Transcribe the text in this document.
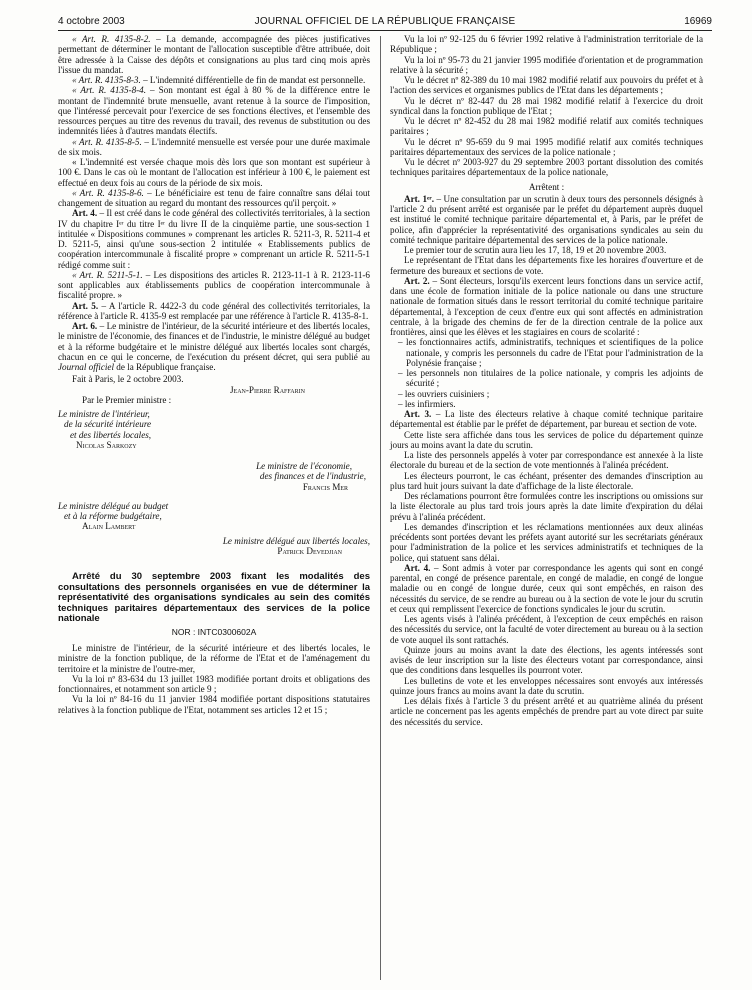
4 octobre 2003	JOURNAL OFFICIEL DE LA RÉPUBLIQUE FRANÇAISE	16969

« Art. R. 4135-8-2. – La demande, accompagnée des pièces justificatives permettant de déterminer le montant de l'allocation susceptible d'être attribuée, doit être adressée à la Caisse des dépôts et consignations au plus tard cinq mois après l'issue du mandat.

« Art. R. 4135-8-3. – L'indemnité différentielle de fin de mandat est personnelle.

« Art. R. 4135-8-4. – Son montant est égal à 80 % de la différence entre le montant de l'indemnité brute mensuelle, avant retenue à la source de l'imposition, que l'intéressé percevait pour l'exercice de ses fonctions électives, et l'ensemble des ressources perçues au titre des revenus du travail, des revenus de substitution ou des indemnités liées à d'autres mandats électifs.

« Art. R. 4135-8-5. – L'indemnité mensuelle est versée pour une durée maximale de six mois.

« L'indemnité est versée chaque mois dès lors que son montant est supérieur à 100 €. Dans le cas où le montant de l'allocation est inférieur à 100 €, le paiement est effectué en deux fois au cours de la période de six mois.

« Art. R. 4135-8-6. – Le bénéficiaire est tenu de faire connaître sans délai tout changement de situation au regard du montant des ressources qu'il perçoit. »

Art. 4. – Il est créé dans le code général des collectivités territoriales, à la section IV du chapitre Iᵉʳ du titre Iᵉʳ du livre II de la cinquième partie, une sous-section 1 intitulée « Dispositions communes » comprenant les articles R. 5211-3, R. 5211-4 et D. 5211-5, ainsi qu'une sous-section 2 intitulée « Etablissements publics de coopération intercommunale à fiscalité propre » comprenant un article R. 5211-5-1 rédigé comme suit :

« Art. R. 5211-5-1. – Les dispositions des articles R. 2123-11-1 à R. 2123-11-6 sont applicables aux établissements publics de coopération intercommunale à fiscalité propre. »

Art. 5. – A l'article R. 4422-3 du code général des collectivités territoriales, la référence à l'article R. 4135-9 est remplacée par une référence à l'article R. 4135-8-1.

Art. 6. – Le ministre de l'intérieur, de la sécurité intérieure et des libertés locales, le ministre de l'économie, des finances et de l'industrie, le ministre délégué au budget et à la réforme budgétaire et le ministre délégué aux libertés locales sont chargés, chacun en ce qui le concerne, de l'exécution du présent décret, qui sera publié au Journal officiel de la République française.

Fait à Paris, le 2 octobre 2003.

Jean-Pierre Raffarin

Par le Premier ministre :

Le ministre de l'intérieur,

de la sécurité intérieure

et des libertés locales,

Nicolas Sarkozy

Le ministre de l'économie,

des finances et de l'industrie,

Francis Mer

Le ministre délégué au budget

et à la réforme budgétaire,

Alain Lambert

Le ministre délégué aux libertés locales,

Patrick Devedjian

Arrêté du 30 septembre 2003 fixant les modalités des consultations des personnels organisées en vue de déterminer la représentativité des organisations syndicales au sein des comités techniques paritaires départementaux des services de la police nationale

NOR : INTC0300602A

Le ministre de l'intérieur, de la sécurité intérieure et des libertés locales, le ministre de la fonction publique, de la réforme de l'Etat et de l'aménagement du territoire et la ministre de l'outre-mer,

Vu la loi nº 83-634 du 13 juillet 1983 modifiée portant droits et obligations des fonctionnaires, et notamment son article 9 ;

Vu la loi nº 84-16 du 11 janvier 1984 modifiée portant dispositions statutaires relatives à la fonction publique de l'Etat, notamment ses articles 12 et 15 ;

Vu la loi nº 92-125 du 6 février 1992 relative à l'administration territoriale de la République ;

Vu la loi nº 95-73 du 21 janvier 1995 modifiée d'orientation et de programmation relative à la sécurité ;

Vu le décret nº 82-389 du 10 mai 1982 modifié relatif aux pouvoirs du préfet et à l'action des services et organismes publics de l'Etat dans les départements ;

Vu le décret nº 82-447 du 28 mai 1982 modifié relatif à l'exercice du droit syndical dans la fonction publique de l'Etat ;

Vu le décret nº 82-452 du 28 mai 1982 modifié relatif aux comités techniques paritaires ;

Vu le décret nº 95-659 du 9 mai 1995 modifié relatif aux comités techniques paritaires départementaux des services de la police nationale ;

Vu le décret nº 2003-927 du 29 septembre 2003 portant dissolution des comités techniques paritaires départementaux de la police nationale,

Arrêtent :

Art. 1ᵉʳ. – Une consultation par un scrutin à deux tours des personnels désignés à l'article 2 du présent arrêté est organisée par le préfet du département auprès duquel est institué le comité technique paritaire départemental et, à Paris, par le préfet de police, afin d'apprécier la représentativité des organisations syndicales au sein du comité technique paritaire départemental des services de la police nationale.

Le premier tour de scrutin aura lieu les 17, 18, 19 et 20 novembre 2003.

Le représentant de l'Etat dans les départements fixe les horaires d'ouverture et de fermeture des bureaux et sections de vote.

Art. 2. – Sont électeurs, lorsqu'ils exercent leurs fonctions dans un service actif, dans une école de formation initiale de la police nationale ou dans une structure nationale de formation situés dans le ressort territorial du comité technique paritaire départemental, à l'exception de ceux d'entre eux qui sont affectés en administration centrale, à la brigade des chemins de fer de la direction centrale de la police aux frontières, ainsi que les élèves et les stagiaires en cours de scolarité :

– les fonctionnaires actifs, administratifs, techniques et scientifiques de la police nationale, y compris les personnels du cadre de l'Etat pour l'administration de la Polynésie française ;
– les personnels non titulaires de la police nationale, y compris les adjoints de sécurité ;
– les ouvriers cuisiniers ;
– les infirmiers.

Art. 3. – La liste des électeurs relative à chaque comité technique paritaire départemental est établie par le préfet de département, par bureau et section de vote.

Cette liste sera affichée dans tous les services de police du département quinze jours au moins avant la date du scrutin.

La liste des personnels appelés à voter par correspondance est annexée à la liste électorale du bureau et de la section de vote mentionnés à l'alinéa précédent.

Les électeurs pourront, le cas échéant, présenter des demandes d'inscription au plus tard huit jours suivant la date d'affichage de la liste électorale.

Des réclamations pourront être formulées contre les inscriptions ou omissions sur la liste électorale au plus tard trois jours après la date limite d'expiration du délai prévu à l'alinéa précédent.

Les demandes d'inscription et les réclamations mentionnées aux deux alinéas précédents sont portées devant les préfets ayant autorité sur les secrétariats généraux pour l'administration de la police et les services administratifs et techniques de la police, qui statuent sans délai.

Art. 4. – Sont admis à voter par correspondance les agents qui sont en congé parental, en congé de présence parentale, en congé de maladie, en congé de longue maladie ou en congé de longue durée, ceux qui sont empêchés, en raison des nécessités du service, de se rendre au bureau ou à la section de vote le jour du scrutin et ceux qui remplissent l'exercice de fonctions syndicales le jour du scrutin.

Les agents visés à l'alinéa précédent, à l'exception de ceux empêchés en raison des nécessités du service, ont la faculté de voter directement au bureau ou à la section de vote auquel ils sont rattachés.

Quinze jours au moins avant la date des élections, les agents intéressés sont avisés de leur inscription sur la liste des électeurs votant par correspondance, ainsi que des conditions dans lesquelles ils pourront voter.

Les bulletins de vote et les enveloppes nécessaires sont envoyés aux intéressés quinze jours francs au moins avant la date du scrutin.

Les délais fixés à l'article 3 du présent arrêté et au quatrième alinéa du présent article ne concernent pas les agents empêchés de prendre part au vote direct par suite des nécessités du service.
